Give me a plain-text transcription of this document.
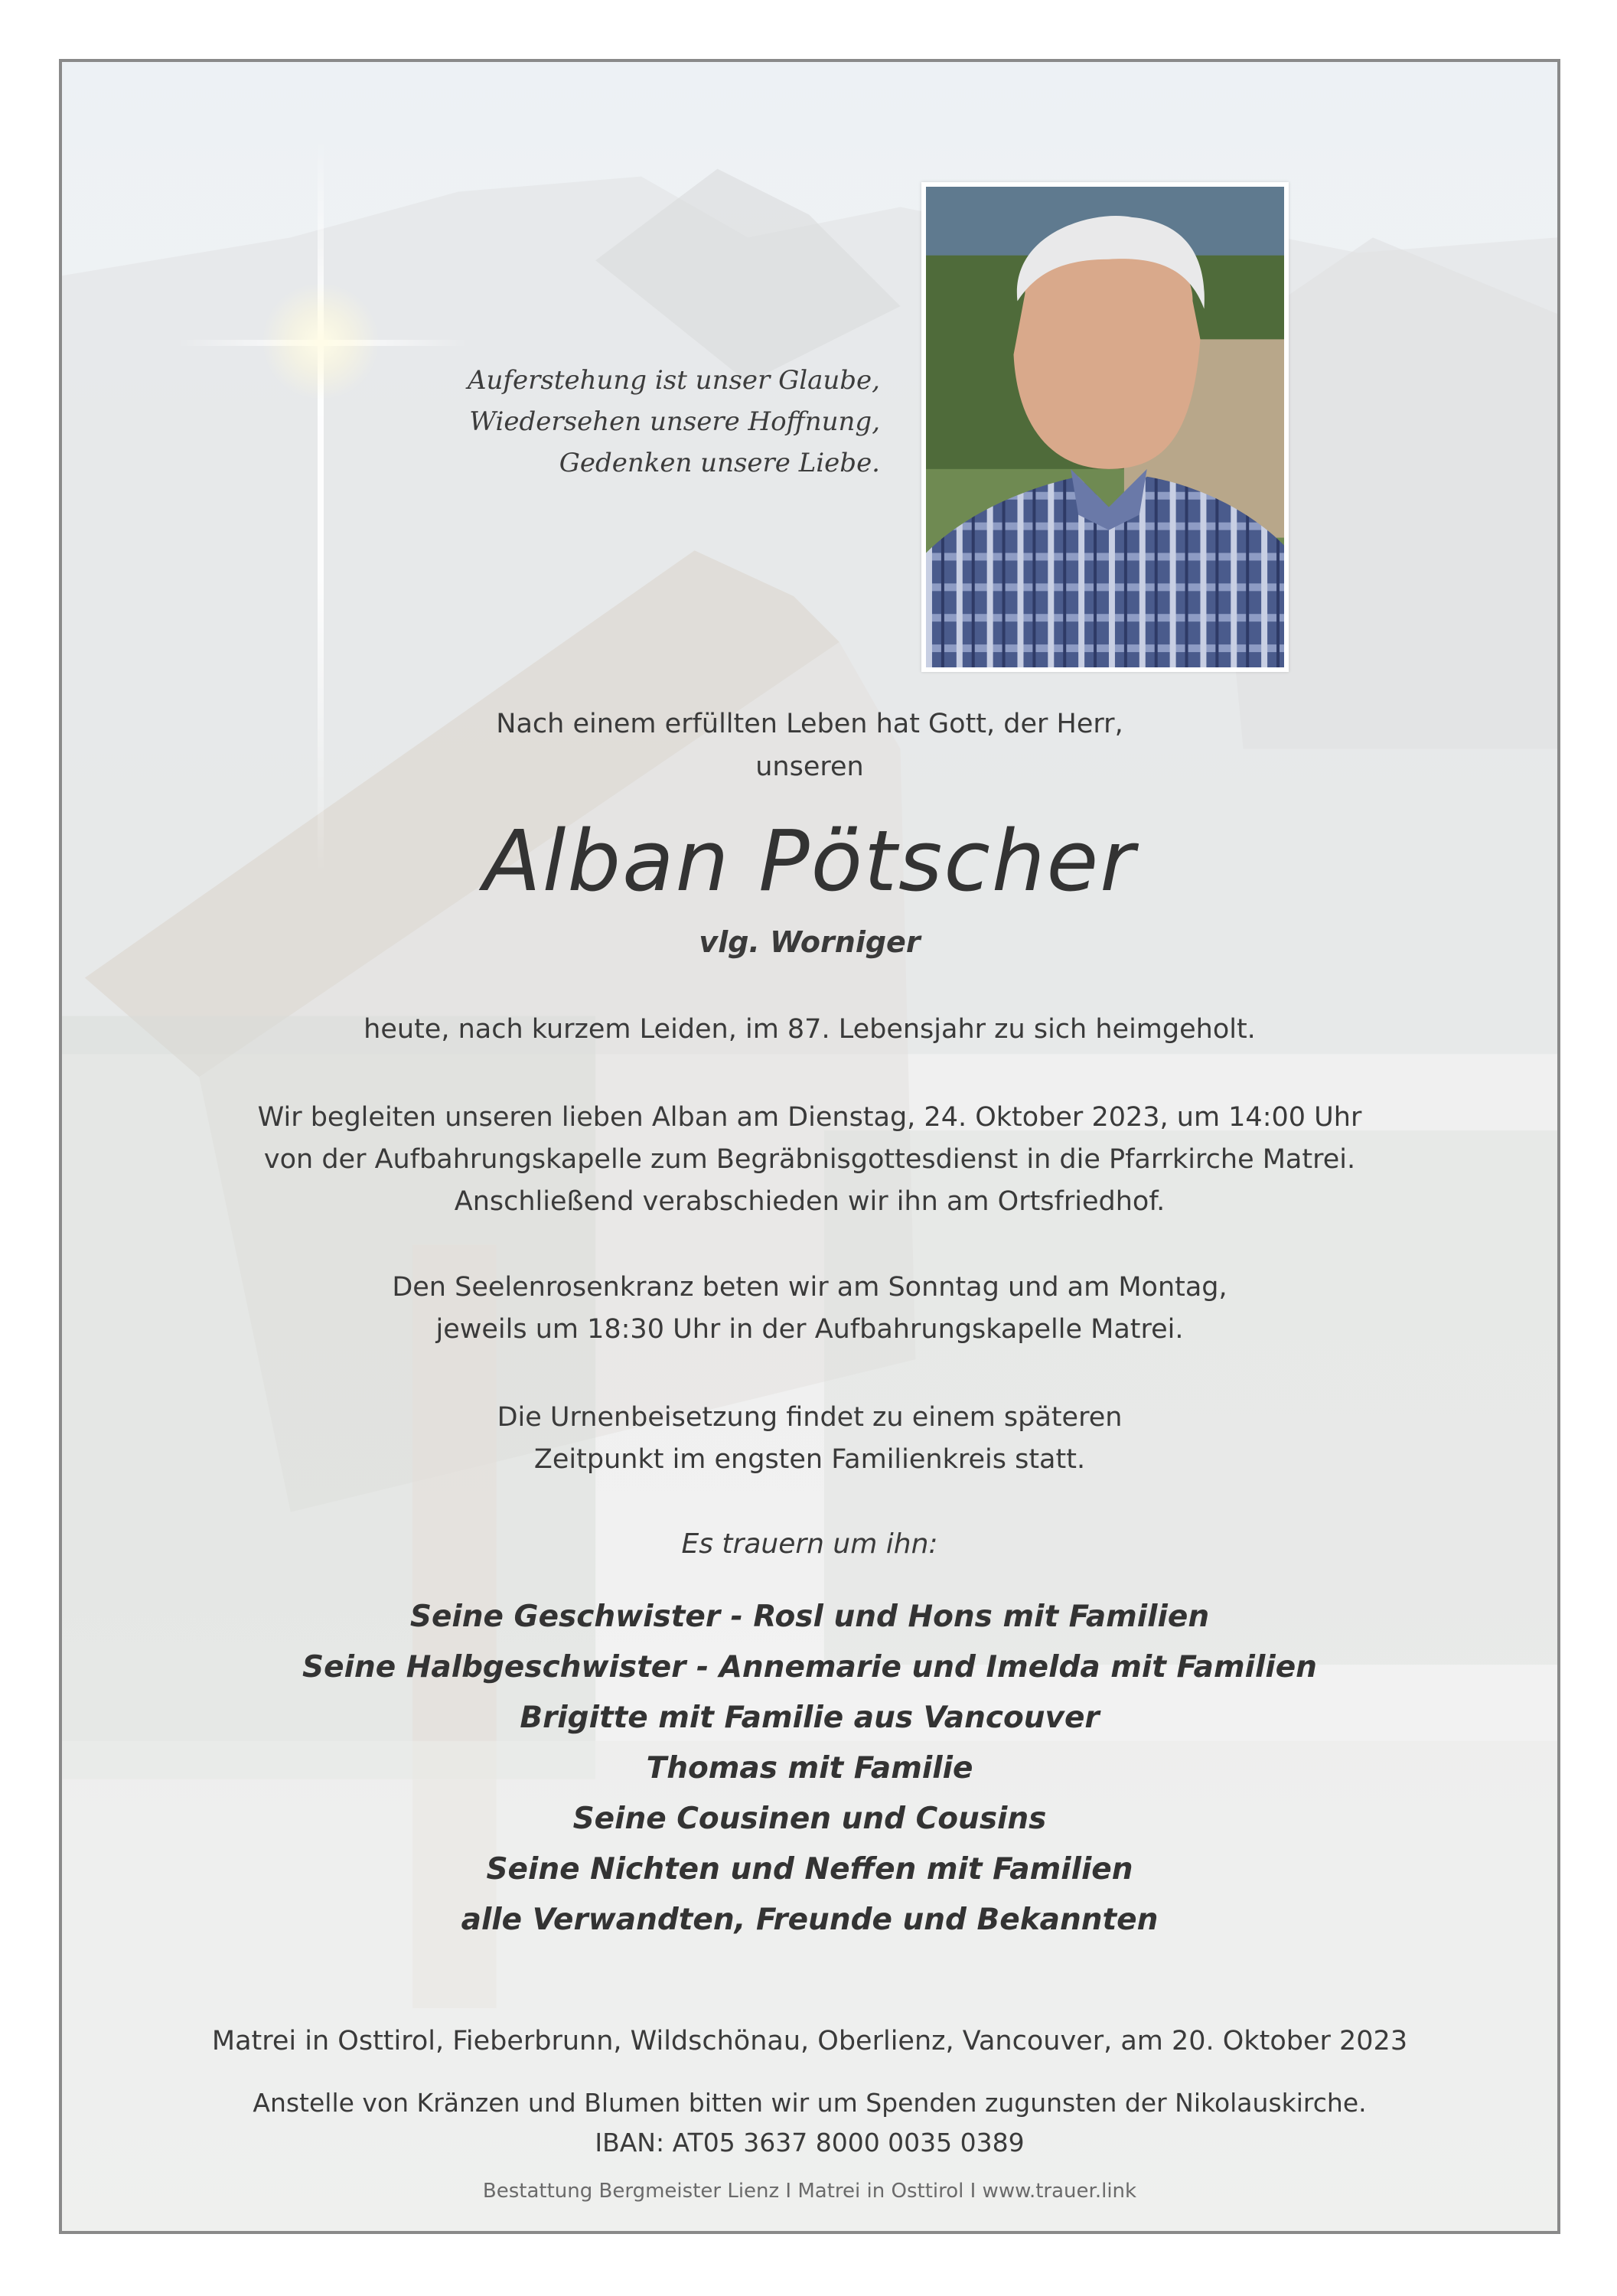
Auferstehung ist unser Glaube,
Wiedersehen unsere Hoffnung,
Gedenken unsere Liebe.
Nach einem erfüllten Leben hat Gott, der Herr,
unseren
Alban Pötscher
vlg. Worniger
heute, nach kurzem Leiden, im 87. Lebensjahr zu sich heimgeholt.
Wir begleiten unseren lieben Alban am Dienstag, 24. Oktober 2023, um 14:00 Uhr
von der Aufbahrungskapelle zum Begräbnisgottesdienst in die Pfarrkirche Matrei.
Anschließend verabschieden wir ihn am Ortsfriedhof.
Den Seelenrosenkranz beten wir am Sonntag und am Montag,
jeweils um 18:30 Uhr in der Aufbahrungskapelle Matrei.
Die Urnenbeisetzung findet zu einem späteren
Zeitpunkt im engsten Familienkreis statt.
Es trauern um ihn:
Seine Geschwister - Rosl und Hons mit Familien
Seine Halbgeschwister - Annemarie und Imelda mit Familien
Brigitte mit Familie aus Vancouver
Thomas mit Familie
Seine Cousinen und Cousins
Seine Nichten und Neffen mit Familien
alle Verwandten, Freunde und Bekannten
Matrei in Osttirol, Fieberbrunn, Wildschönau, Oberlienz, Vancouver, am 20. Oktober 2023
Anstelle von Kränzen und Blumen bitten wir um Spenden zugunsten der Nikolauskirche.
IBAN: AT05 3637 8000 0035 0389
Bestattung Bergmeister Lienz I Matrei in Osttirol I www.trauer.link
